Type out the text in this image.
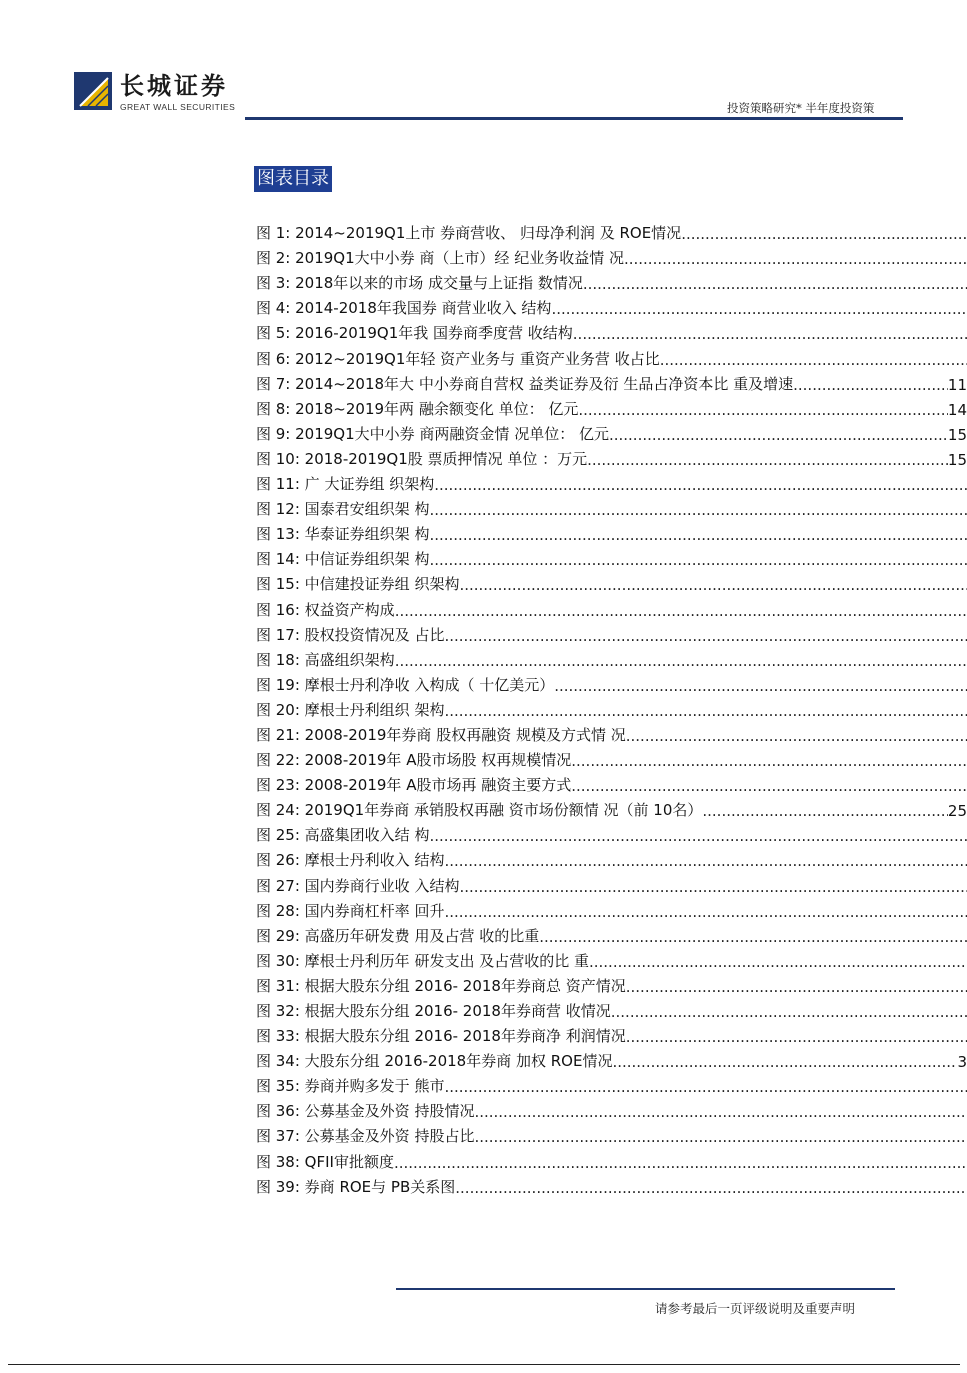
长城证券
GREAT WALL SECURITIES	投资策略研究* 半年度投资策
图表目录
图 1: 2014~2019Q1上市 券商营收、 归母净利润 及 ROE情况
.....
图 2: 2019Q1大中小券 商（上市）经 纪业务收益情 况
.....
图 3: 2018年以来的市场 成交量与上证指 数情况
.....
图 4: 2014-2018年我国券 商营业收入 结构
.....
图 5: 2016-2019Q1年我 国券商季度营 收结构
.....
图 6: 2012~2019Q1年轻 资产业务与 重资产业务营 收占比
.....
图 7: 2014~2018年大 中小券商自营权 益类证券及衍 生品占净资本比 重及增速 .....	11
图 8: 2018~2019年两 融余额变化 单位： 亿元 .....	14
图 9: 2019Q1大中小券 商两融资金情 况单位： 亿元 .....	15
图 10: 2018-2019Q1股 票质押情况 单位 ：万元 .....	15
图 11: 广 大证券组 织架构
.....
图 12: 国泰君安组织架 构
.....
图 13: 华泰证券组织架 构
.....
图 14: 中信证券组织架 构
.....
图 15: 中信建投证券组 织架构
.....
图 16: 权益资产构成
.....
图 17: 股权投资情况及 占比
.....
图 18: 高盛组织架构
.....
图 19: 摩根士丹利净收 入构成（ 十亿美元）
.....
图 20: 摩根士丹利组织 架构
.....
图 21: 2008-2019年券商 股权再融资 规模及方式情 况
.....
图 22: 2008-2019年 A股市场股 权再规模情况
.....
图 23: 2008-2019年 A股市场再 融资主要方式
.....
图 24: 2019Q1年券商 承销股权再融 资市场份额情 况（前 10名） .....	25
图 25: 高盛集团收入结 构
.....
图 26: 摩根士丹利收入 结构
.....
图 27: 国内券商行业收 入结构
.....
图 28: 国内券商杠杆率 回升
.....
图 29: 高盛历年研发费 用及占营 收的比重
.....
图 30: 摩根士丹利历年 研发支出 及占营收的比 重
.....
图 31: 根据大股东分组 2016- 2018年券商总 资产情况
.....
图 32: 根据大股东分组 2016- 2018年券商营 收情况
.....
图 33: 根据大股东分组 2016- 2018年券商净 利润情况
.....
图 34: 大股东分组 2016-2018年券商 加权 ROE情况 .....	3
图 35: 券商并购多发于 熊市
.....
图 36: 公募基金及外资 持股情况
.....
图 37: 公募基金及外资 持股占比
.....
图 38: QFII审批额度
.....
图 39: 券商 ROE与 PB关系图
.....
请参考最后一页评级说明及重要声明
